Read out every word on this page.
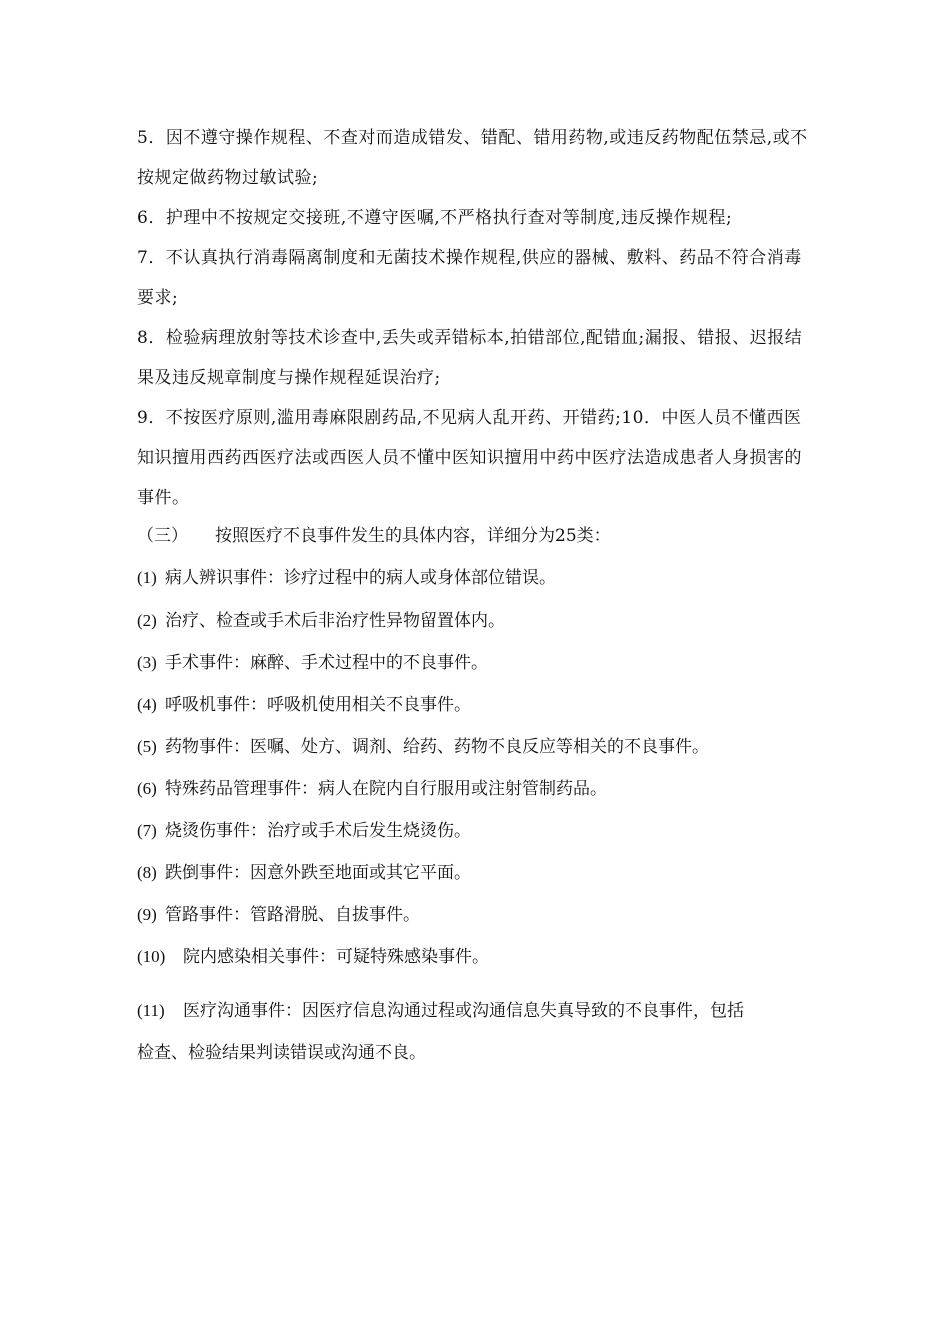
5．因不遵守操作规程、不查对而造成错发、错配、错用药物,或违反药物配伍禁忌,或不按规定做药物过敏试验;

6．护理中不按规定交接班,不遵守医嘱,不严格执行查对等制度,违反操作规程;

7．不认真执行消毒隔离制度和无菌技术操作规程,供应的器械、敷料、药品不符合消毒要求;

8．检验病理放射等技术诊查中,丢失或弄错标本,拍错部位,配错血;漏报、错报、迟报结果及违反规章制度与操作规程延误治疗;

9．不按医疗原则,滥用毒麻限剧药品,不见病人乱开药、开错药;10．中医人员不懂西医知识擅用西药西医疗法或西医人员不懂中医知识擅用中药中医疗法造成患者人身损害的事件。

（三） 按照医疗不良事件发生的具体内容，详细分为25类：
(1) 病人辨识事件：诊疗过程中的病人或身体部位错误。
(2) 治疗、检查或手术后非治疗性异物留置体内。
(3) 手术事件：麻醉、手术过程中的不良事件。
(4) 呼吸机事件：呼吸机使用相关不良事件。
(5) 药物事件：医嘱、处方、调剂、给药、药物不良反应等相关的不良事件。
(6) 特殊药品管理事件：病人在院内自行服用或注射管制药品。
(7) 烧烫伤事件：治疗或手术后发生烧烫伤。
(8) 跌倒事件：因意外跌至地面或其它平面。
(9) 管路事件：管路滑脱、自拔事件。
(10) 院内感染相关事件：可疑特殊感染事件。
(11) 医疗沟通事件：因医疗信息沟通过程或沟通信息失真导致的不良事件，包括
检查、检验结果判读错误或沟通不良。
